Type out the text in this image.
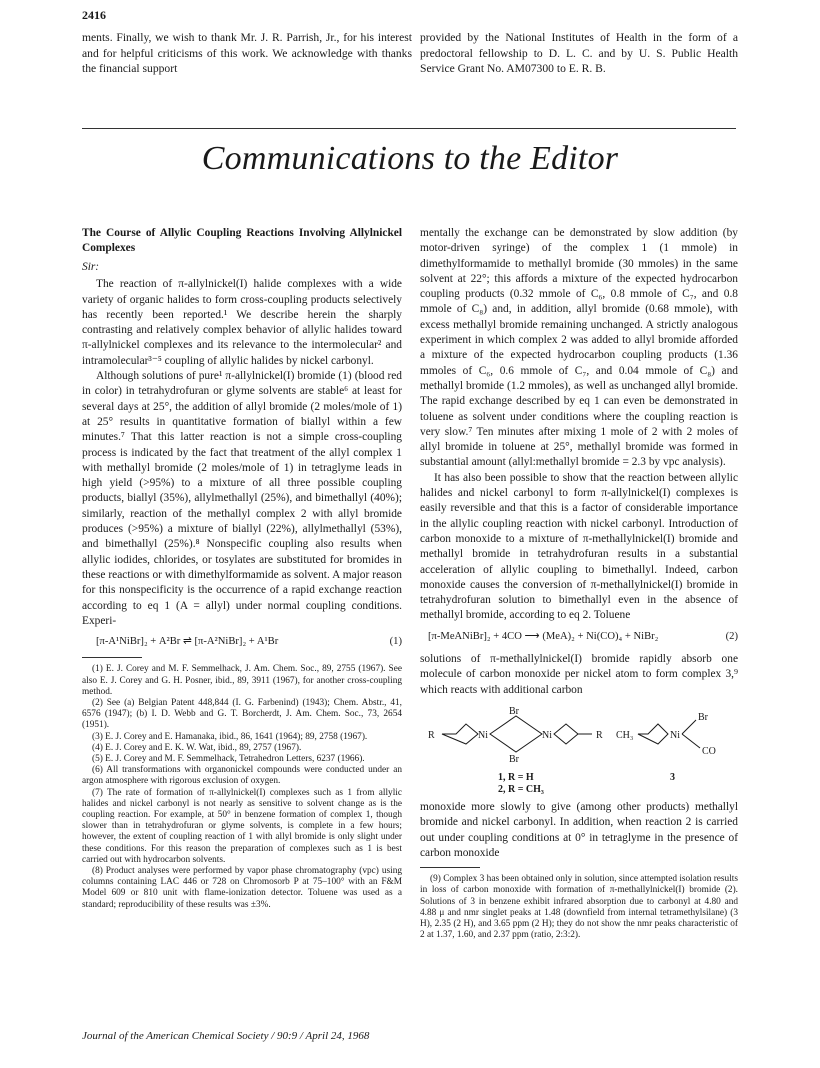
2416

ments. Finally, we wish to thank Mr. J. R. Parrish, Jr., for his interest and for helpful criticisms of this work. We acknowledge with thanks the financial support

provided by the National Institutes of Health in the form of a predoctoral fellowship to D. L. C. and by U. S. Public Health Service Grant No. AM07300 to E. R. B.

Communications to the Editor

The Course of Allylic Coupling Reactions Involving Allylnickel Complexes

Sir:

The reaction of π-allylnickel(I) halide complexes with a wide variety of organic halides to form cross-coupling products selectively has recently been reported.¹ We describe herein the sharply contrasting and relatively complex behavior of allylic halides toward π-allylnickel complexes and its relevance to the intermolecular² and intramolecular³⁻⁵ coupling of allylic halides by nickel carbonyl.

Although solutions of pure¹ π-allylnickel(I) bromide (1) (blood red in color) in tetrahydrofuran or glyme solvents are stable⁶ at least for several days at 25°, the addition of allyl bromide (2 moles/mole of 1) at 25° results in quantitative formation of biallyl within a few minutes.⁷ That this latter reaction is not a simple cross-coupling process is indicated by the fact that treatment of the allyl complex 1 with methallyl bromide (2 moles/mole of 1) in tetraglyme leads in high yield (>95%) to a mixture of all three possible coupling products, biallyl (35%), allylmethallyl (25%), and bimethallyl (40%); similarly, reaction of the methallyl complex 2 with allyl bromide produces (>95%) a mixture of biallyl (22%), allylmethallyl (53%), and bimethallyl (25%).⁸ Nonspecific coupling also results when allylic iodides, chlorides, or tosylates are substituted for bromides in these reactions or with dimethylformamide as solvent. A major reason for this nonspecificity is the occurrence of a rapid exchange reaction according to eq 1 (A = allyl) under normal coupling conditions. Experi-

[π-A¹NiBr]₂ + A²Br ⇌ [π-A²NiBr]₂ + A¹Br	(1)

(1) E. J. Corey and M. F. Semmelhack, J. Am. Chem. Soc., 89, 2755 (1967). See also E. J. Corey and G. H. Posner, ibid., 89, 3911 (1967), for another cross-coupling method.

(2) See (a) Belgian Patent 448,844 (I. G. Farbenind) (1943); Chem. Abstr., 41, 6576 (1947); (b) I. D. Webb and G. T. Borcherdt, J. Am. Chem. Soc., 73, 2654 (1951).

(3) E. J. Corey and E. Hamanaka, ibid., 86, 1641 (1964); 89, 2758 (1967).

(4) E. J. Corey and E. K. W. Wat, ibid., 89, 2757 (1967).

(5) E. J. Corey and M. F. Semmelhack, Tetrahedron Letters, 6237 (1966).

(6) All transformations with organonickel compounds were conducted under an argon atmosphere with rigorous exclusion of oxygen.

(7) The rate of formation of π-allylnickel(I) complexes such as 1 from allylic halides and nickel carbonyl is not nearly as sensitive to solvent change as is the coupling reaction. For example, at 50° in benzene formation of complex 1, though slower than in tetrahydrofuran or glyme solvents, is complete in a few hours; however, the extent of coupling reaction of 1 with allyl bromide is only slight under these conditions. For this reason the preparation of complexes such as 1 is best carried out with hydrocarbon solvents.

(8) Product analyses were performed by vapor phase chromatography (vpc) using columns containing LAC 446 or 728 on Chromosorb P at 75–100° with an F&M Model 609 or 810 unit with flame-ionization detector. Toluene was used as a standard; reproducibility of these results was ±3%.

mentally the exchange can be demonstrated by slow addition (by motor-driven syringe) of the complex 1 (1 mmole) in dimethylformamide to methallyl bromide (30 mmoles) in the same solvent at 22°; this affords a mixture of the expected hydrocarbon coupling products (0.32 mmole of C₆, 0.8 mmole of C₇, and 0.8 mmole of C₈) and, in addition, allyl bromide (0.68 mmole), with excess methallyl bromide remaining unchanged. A strictly analogous experiment in which complex 2 was added to allyl bromide afforded a mixture of the expected hydrocarbon coupling products (1.36 mmoles of C₆, 0.6 mmole of C₇, and 0.04 mmole of C₈) and methallyl bromide (1.2 mmoles), as well as unchanged allyl bromide. The rapid exchange described by eq 1 can even be demonstrated in toluene as solvent under conditions where the coupling reaction is very slow.⁷ Ten minutes after mixing 1 mole of 2 with 2 moles of allyl bromide in toluene at 25°, methallyl bromide was formed in substantial amount (allyl:methallyl bromide = 2.3 by vpc analysis).

It has also been possible to show that the reaction between allylic halides and nickel carbonyl to form π-allylnickel(I) complexes is easily reversible and that this is a factor of considerable importance in the allylic coupling reaction with nickel carbonyl. Introduction of carbon monoxide to a mixture of π-methallylnickel(I) bromide and methallyl bromide in tetrahydrofuran results in a substantial acceleration of allylic coupling to bimethallyl. Indeed, carbon monoxide causes the conversion of π-methallylnickel(I) bromide in tetrahydrofuran solution to bimethallyl even in the absence of methallyl bromide, according to eq 2. Toluene

[π-MeANiBr]₂ + 4CO ⟶ (MeA)₂ + Ni(CO)₄ + NiBr₂	(2)

solutions of π-methallylnickel(I) bromide rapidly absorb one molecule of carbon monoxide per nickel atom to form complex 3,⁹ which reacts with additional carbon

R	Ni
Br
Br
Ni	R CH₃	Ni
Br
CO
1, R = H
2, R = CH₃
3

monoxide more slowly to give (among other products) methallyl bromide and nickel carbonyl. In addition, when reaction 2 is carried out under coupling conditions at 0° in tetraglyme in the presence of carbon monoxide

(9) Complex 3 has been obtained only in solution, since attempted isolation results in loss of carbon monoxide with formation of π-methallylnickel(I) bromide (2). Solutions of 3 in benzene exhibit infrared absorption due to carbonyl at 4.80 and 4.88 μ and nmr singlet peaks at 1.48 (downfield from internal tetramethylsilane) (3 H), 2.35 (2 H), and 3.65 ppm (2 H); they do not show the nmr peaks characteristic of 2 at 1.37, 1.60, and 2.37 ppm (ratio, 2:3:2).

Journal of the American Chemical Society / 90:9 / April 24, 1968
